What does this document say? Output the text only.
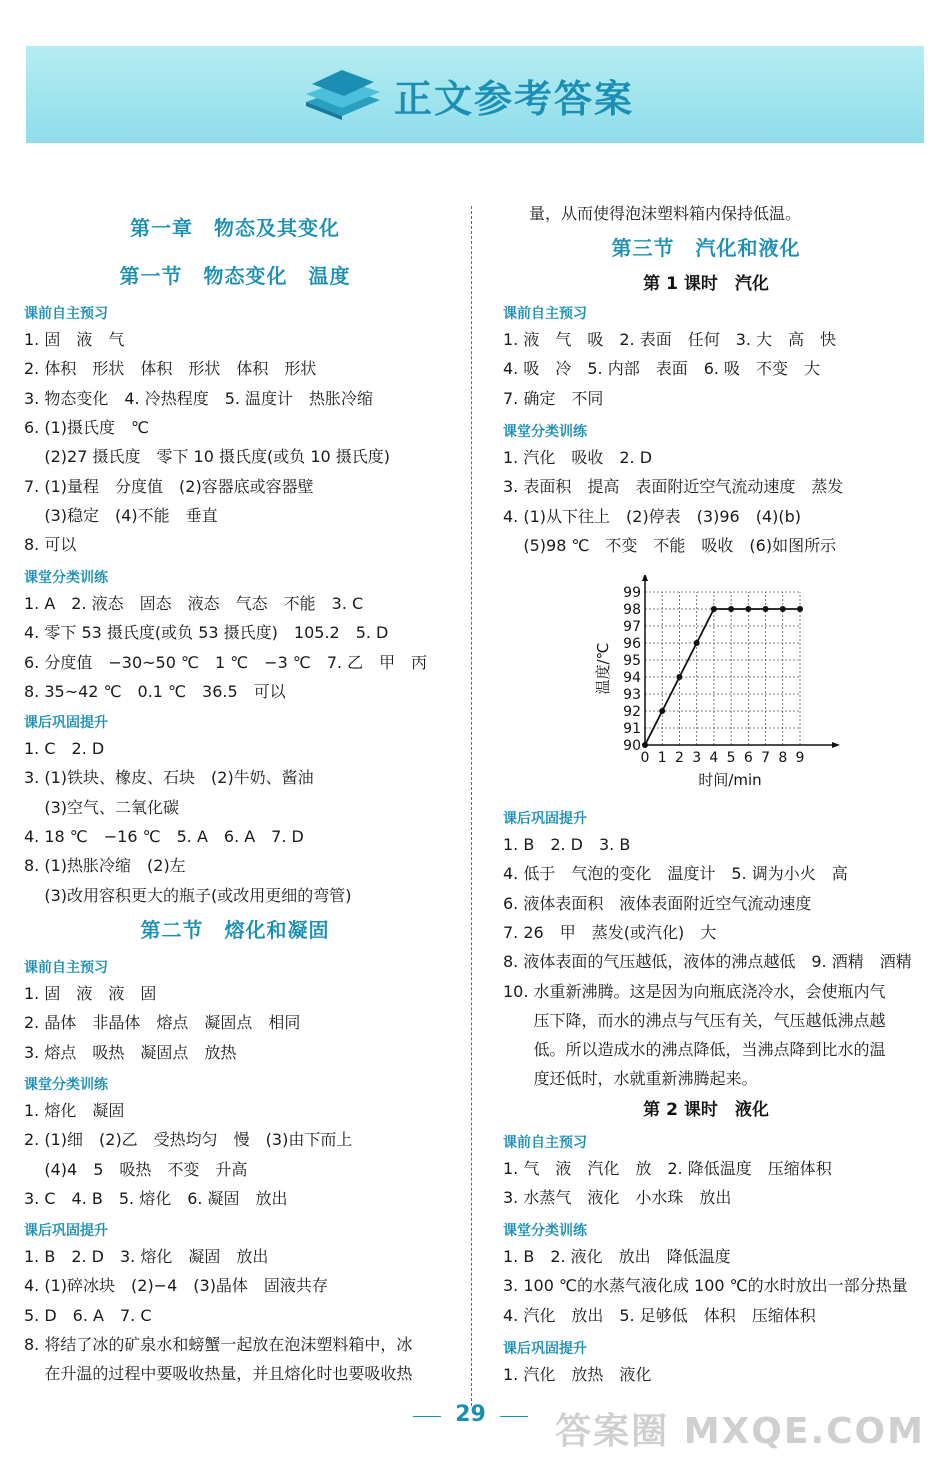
正文参考答案
第一章　物态及其变化
第一节　物态变化　温度
课前自主预习
1. 固　液　气
2. 体积　形状　体积　形状　体积　形状
3. 物态变化　4. 冷热程度　5. 温度计　热胀冷缩
6. (1)摄氏度　℃
(2)27 摄氏度　零下 10 摄氏度(或负 10 摄氏度)
7. (1)量程　分度值　(2)容器底或容器壁
(3)稳定　(4)不能　垂直
8. 可以
课堂分类训练
1. A　2. 液态　固态　液态　气态　不能　3. C
4. 零下 53 摄氏度(或负 53 摄氏度)　105.2　5. D
6. 分度值　−30~50 ℃　1 ℃　−3 ℃　7. 乙　甲　丙
8. 35~42 ℃　0.1 ℃　36.5　可以
课后巩固提升
1. C　2. D
3. (1)铁块、橡皮、石块　(2)牛奶、酱油
(3)空气、二氧化碳
4. 18 ℃　−16 ℃　5. A　6. A　7. D
8. (1)热胀冷缩　(2)左
(3)改用容积更大的瓶子(或改用更细的弯管)
第二节　熔化和凝固
课前自主预习
1. 固　液　液　固
2. 晶体　非晶体　熔点　凝固点　相同
3. 熔点　吸热　凝固点　放热
课堂分类训练
1. 熔化　凝固
2. (1)细　(2)乙　受热均匀　慢　(3)由下而上
(4)4　5　吸热　不变　升高
3. C　4. B　5. 熔化　6. 凝固　放出
课后巩固提升
1. B　2. D　3. 熔化　凝固　放出
4. (1)碎冰块　(2)−4　(3)晶体　固液共存
5. D　6. A　7. C
8. 将结了冰的矿泉水和螃蟹一起放在泡沫塑料箱中，冰
在升温的过程中要吸收热量，并且熔化时也要吸收热
量，从而使得泡沫塑料箱内保持低温。
第三节　汽化和液化
第 1 课时　汽化
课前自主预习
1. 液　气　吸　2. 表面　任何　3. 大　高　快
4. 吸　冷　5. 内部　表面　6. 吸　不变　大
7. 确定　不同
课堂分类训练
1. 汽化　吸收　2. D
3. 表面积　提高　表面附近空气流动速度　蒸发
4. (1)从下往上　(2)停表　(3)96　(4)(b)
(5)98 ℃　不变　不能　吸收　(6)如图所示
课后巩固提升
1. B　2. D　3. B
4. 低于　气泡的变化　温度计　5. 调为小火　高
6. 液体表面积　液体表面附近空气流动速度
7. 26　甲　蒸发(或汽化)　大
8. 液体表面的气压越低，液体的沸点越低　9. 酒精　酒精
10. 水重新沸腾。这是因为向瓶底浇冷水，会使瓶内气
压下降，而水的沸点与气压有关，气压越低沸点越
低。所以造成水的沸点降低，当沸点降到比水的温
度还低时，水就重新沸腾起来。
第 2 课时　液化
课前自主预习
1. 气　液　汽化　放　2. 降低温度　压缩体积
3. 水蒸气　液化　小水珠　放出
课堂分类训练
1. B　2. 液化　放出　降低温度
3. 100 ℃的水蒸气液化成 100 ℃的水时放出一部分热量
4. 汽化　放出　5. 足够低　体积　压缩体积
课后巩固提升
1. 汽化　放热　液化
0 1 2 3 4 5 6 7 8 9
90
91
92
93
94
95
96
97
98
99
时间/min
温度/℃
29	答案圈 MXQE.COM
